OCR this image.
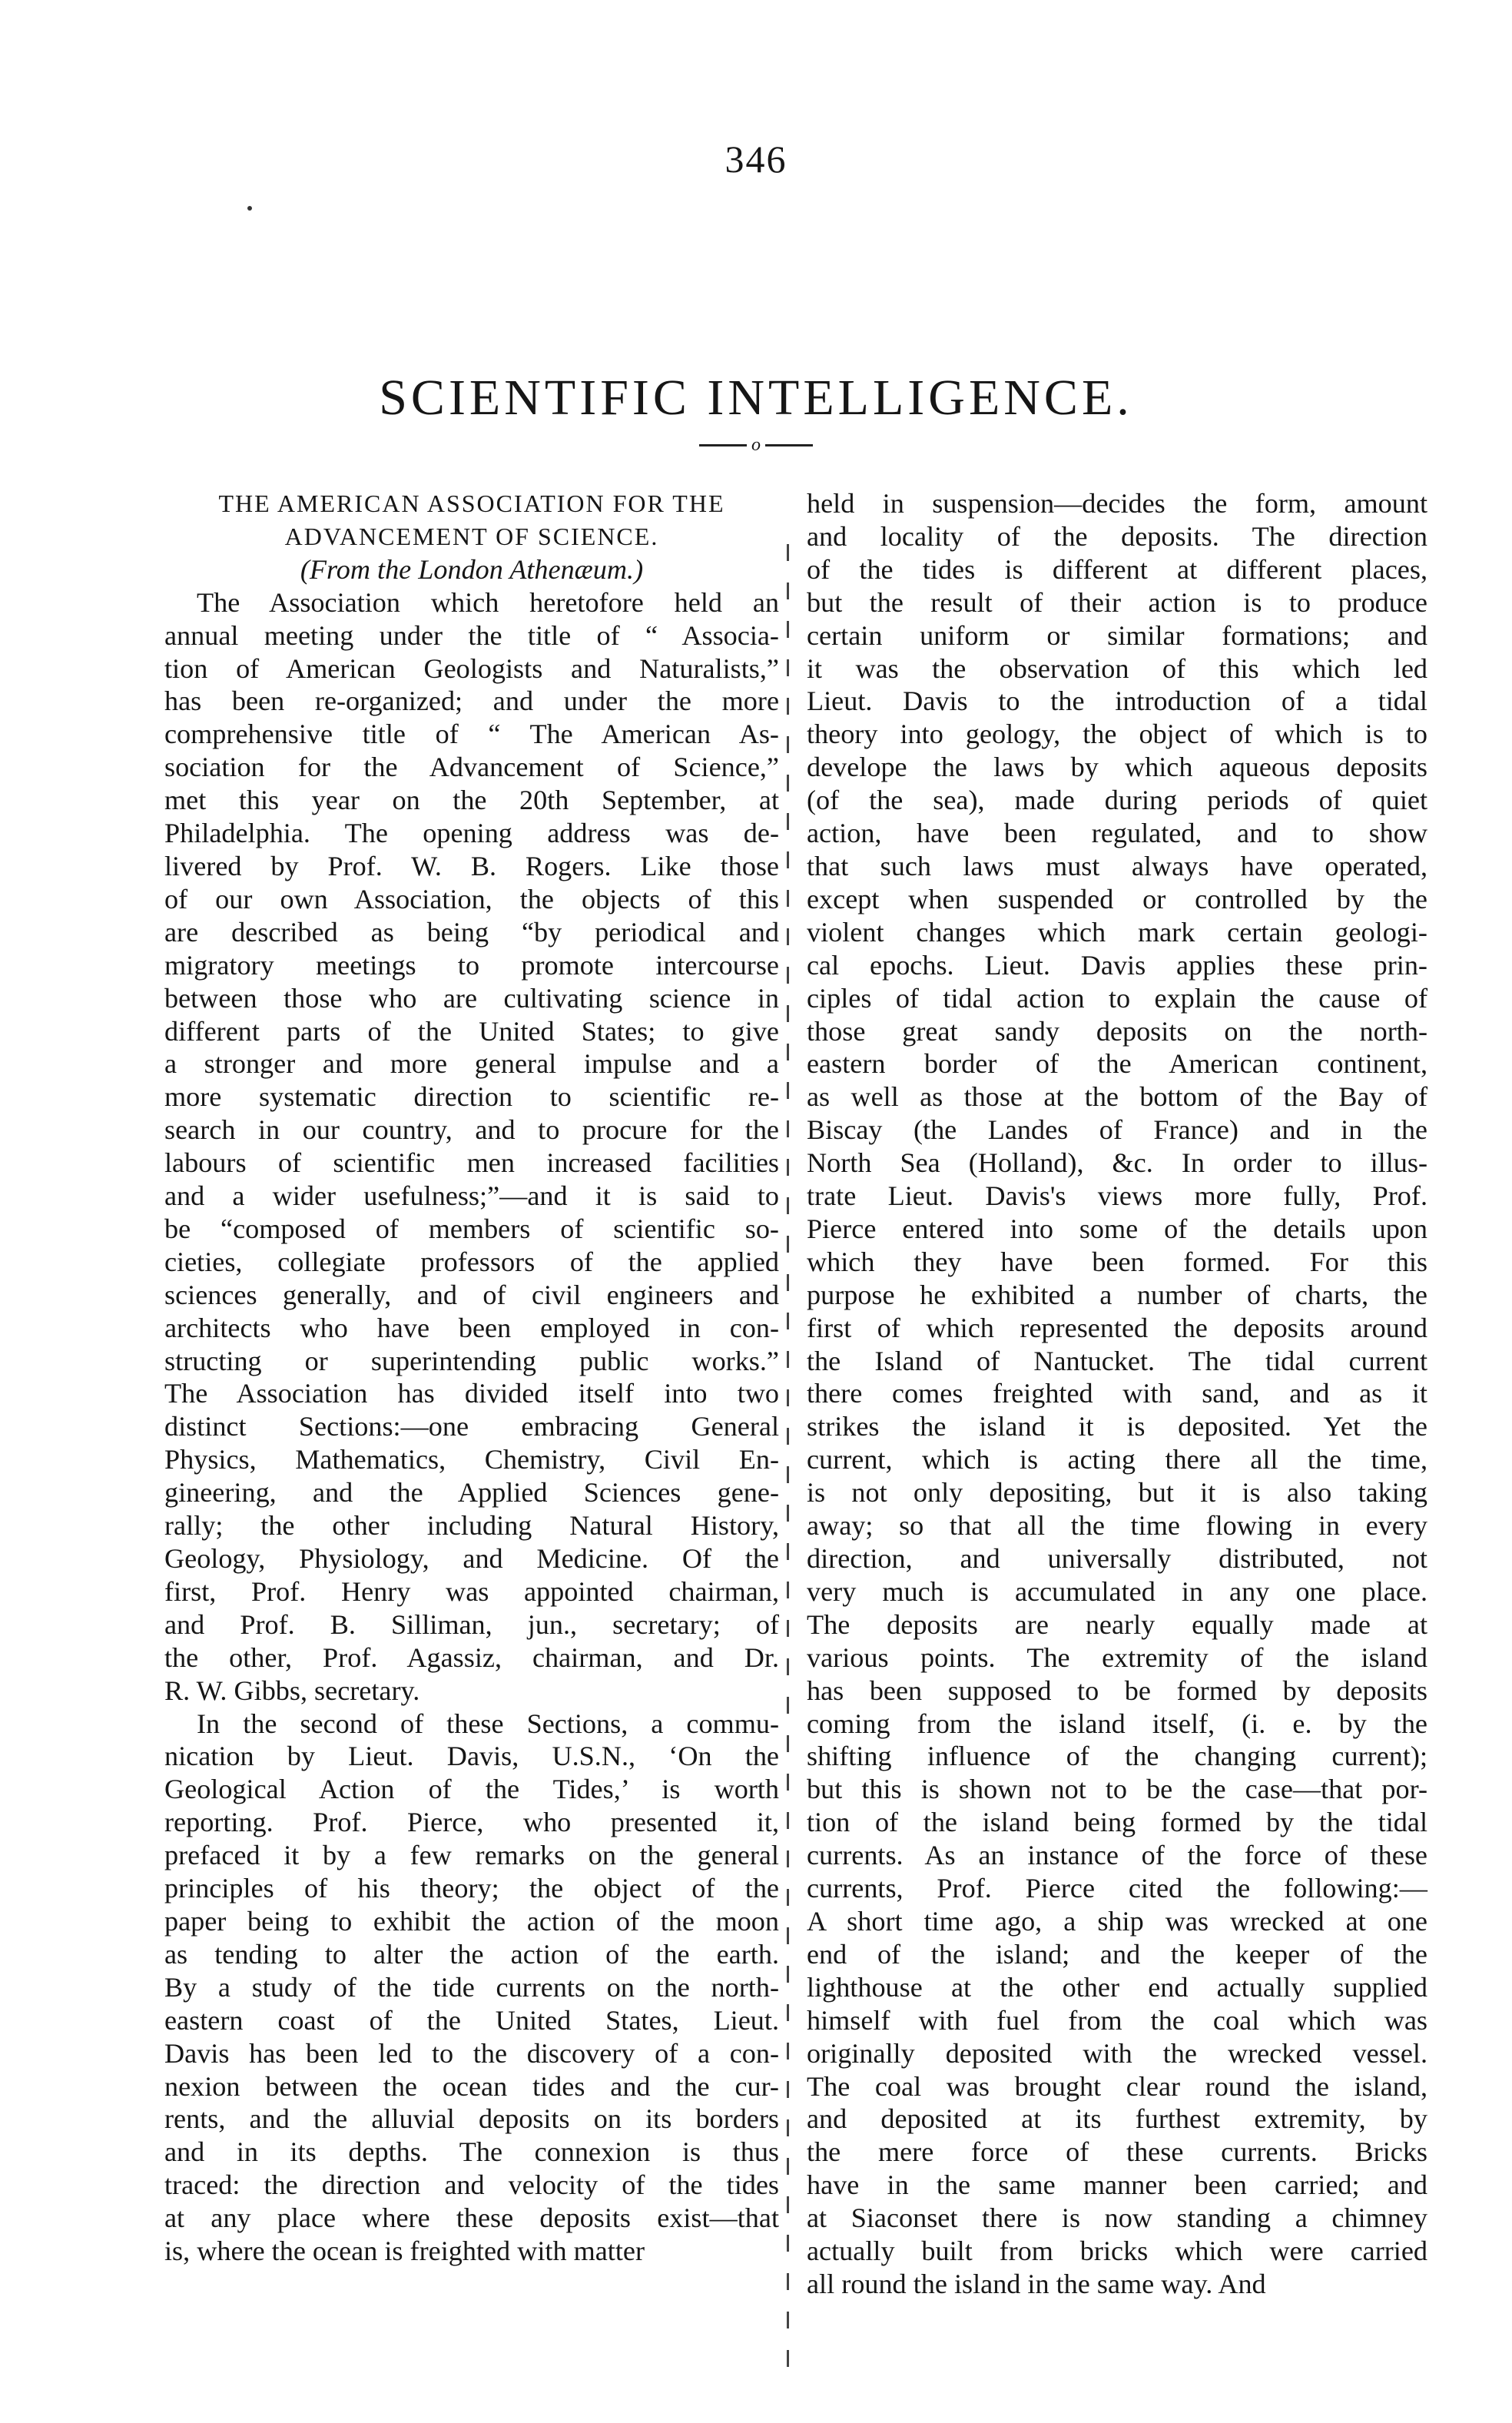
346
SCIENTIFIC INTELLIGENCE.
o
THE AMERICAN ASSOCIATION FOR THE
ADVANCEMENT OF SCIENCE.
(From the London Athenæum.)
The Association which heretofore held an
annual meeting under the title of “ Associa-
tion of American Geologists and Naturalists,”
has been re-organized; and under the more
comprehensive title of “ The American As-
sociation for the Advancement of Science,”
met this year on the 20th September, at
Philadelphia. The opening address was de-
livered by Prof. W. B. Rogers. Like those
of our own Association, the objects of this
are described as being “by periodical and
migratory meetings to promote intercourse
between those who are cultivating science in
different parts of the United States; to give
a stronger and more general impulse and a
more systematic direction to scientific re-
search in our country, and to procure for the
labours of scientific men increased facilities
and a wider usefulness;”—and it is said to
be “composed of members of scientific so-
cieties, collegiate professors of the applied
sciences generally, and of civil engineers and
architects who have been employed in con-
structing or superintending public works.”
The Association has divided itself into two
distinct Sections:—one embracing General
Physics, Mathematics, Chemistry, Civil En-
gineering, and the Applied Sciences gene-
rally; the other including Natural History,
Geology, Physiology, and Medicine. Of the
first, Prof. Henry was appointed chairman,
and Prof. B. Silliman, jun., secretary; of
the other, Prof. Agassiz, chairman, and Dr.
R. W. Gibbs, secretary.
In the second of these Sections, a commu-
nication by Lieut. Davis, U.S.N., ‘On the
Geological Action of the Tides,’ is worth
reporting. Prof. Pierce, who presented it,
prefaced it by a few remarks on the general
principles of his theory; the object of the
paper being to exhibit the action of the moon
as tending to alter the action of the earth.
By a study of the tide currents on the north-
eastern coast of the United States, Lieut.
Davis has been led to the discovery of a con-
nexion between the ocean tides and the cur-
rents, and the alluvial deposits on its borders
and in its depths. The connexion is thus
traced: the direction and velocity of the tides
at any place where these deposits exist—that
is, where the ocean is freighted with matter
held in suspension—decides the form, amount
and locality of the deposits. The direction
of the tides is different at different places,
but the result of their action is to produce
certain uniform or similar formations; and
it was the observation of this which led
Lieut. Davis to the introduction of a tidal
theory into geology, the object of which is to
develope the laws by which aqueous deposits
(of the sea), made during periods of quiet
action, have been regulated, and to show
that such laws must always have operated,
except when suspended or controlled by the
violent changes which mark certain geologi-
cal epochs. Lieut. Davis applies these prin-
ciples of tidal action to explain the cause of
those great sandy deposits on the north-
eastern border of the American continent,
as well as those at the bottom of the Bay of
Biscay (the Landes of France) and in the
North Sea (Holland), &c. In order to illus-
trate Lieut. Davis's views more fully, Prof.
Pierce entered into some of the details upon
which they have been formed. For this
purpose he exhibited a number of charts, the
first of which represented the deposits around
the Island of Nantucket. The tidal current
there comes freighted with sand, and as it
strikes the island it is deposited. Yet the
current, which is acting there all the time,
is not only depositing, but it is also taking
away; so that all the time flowing in every
direction, and universally distributed, not
very much is accumulated in any one place.
The deposits are nearly equally made at
various points. The extremity of the island
has been supposed to be formed by deposits
coming from the island itself, (i. e. by the
shifting influence of the changing current);
but this is shown not to be the case—that por-
tion of the island being formed by the tidal
currents. As an instance of the force of these
currents, Prof. Pierce cited the following:—
A short time ago, a ship was wrecked at one
end of the island; and the keeper of the
lighthouse at the other end actually supplied
himself with fuel from the coal which was
originally deposited with the wrecked vessel.
The coal was brought clear round the island,
and deposited at its furthest extremity, by
the mere force of these currents. Bricks
have in the same manner been carried; and
at Siaconset there is now standing a chimney
actually built from bricks which were carried
all round the island in the same way. And
